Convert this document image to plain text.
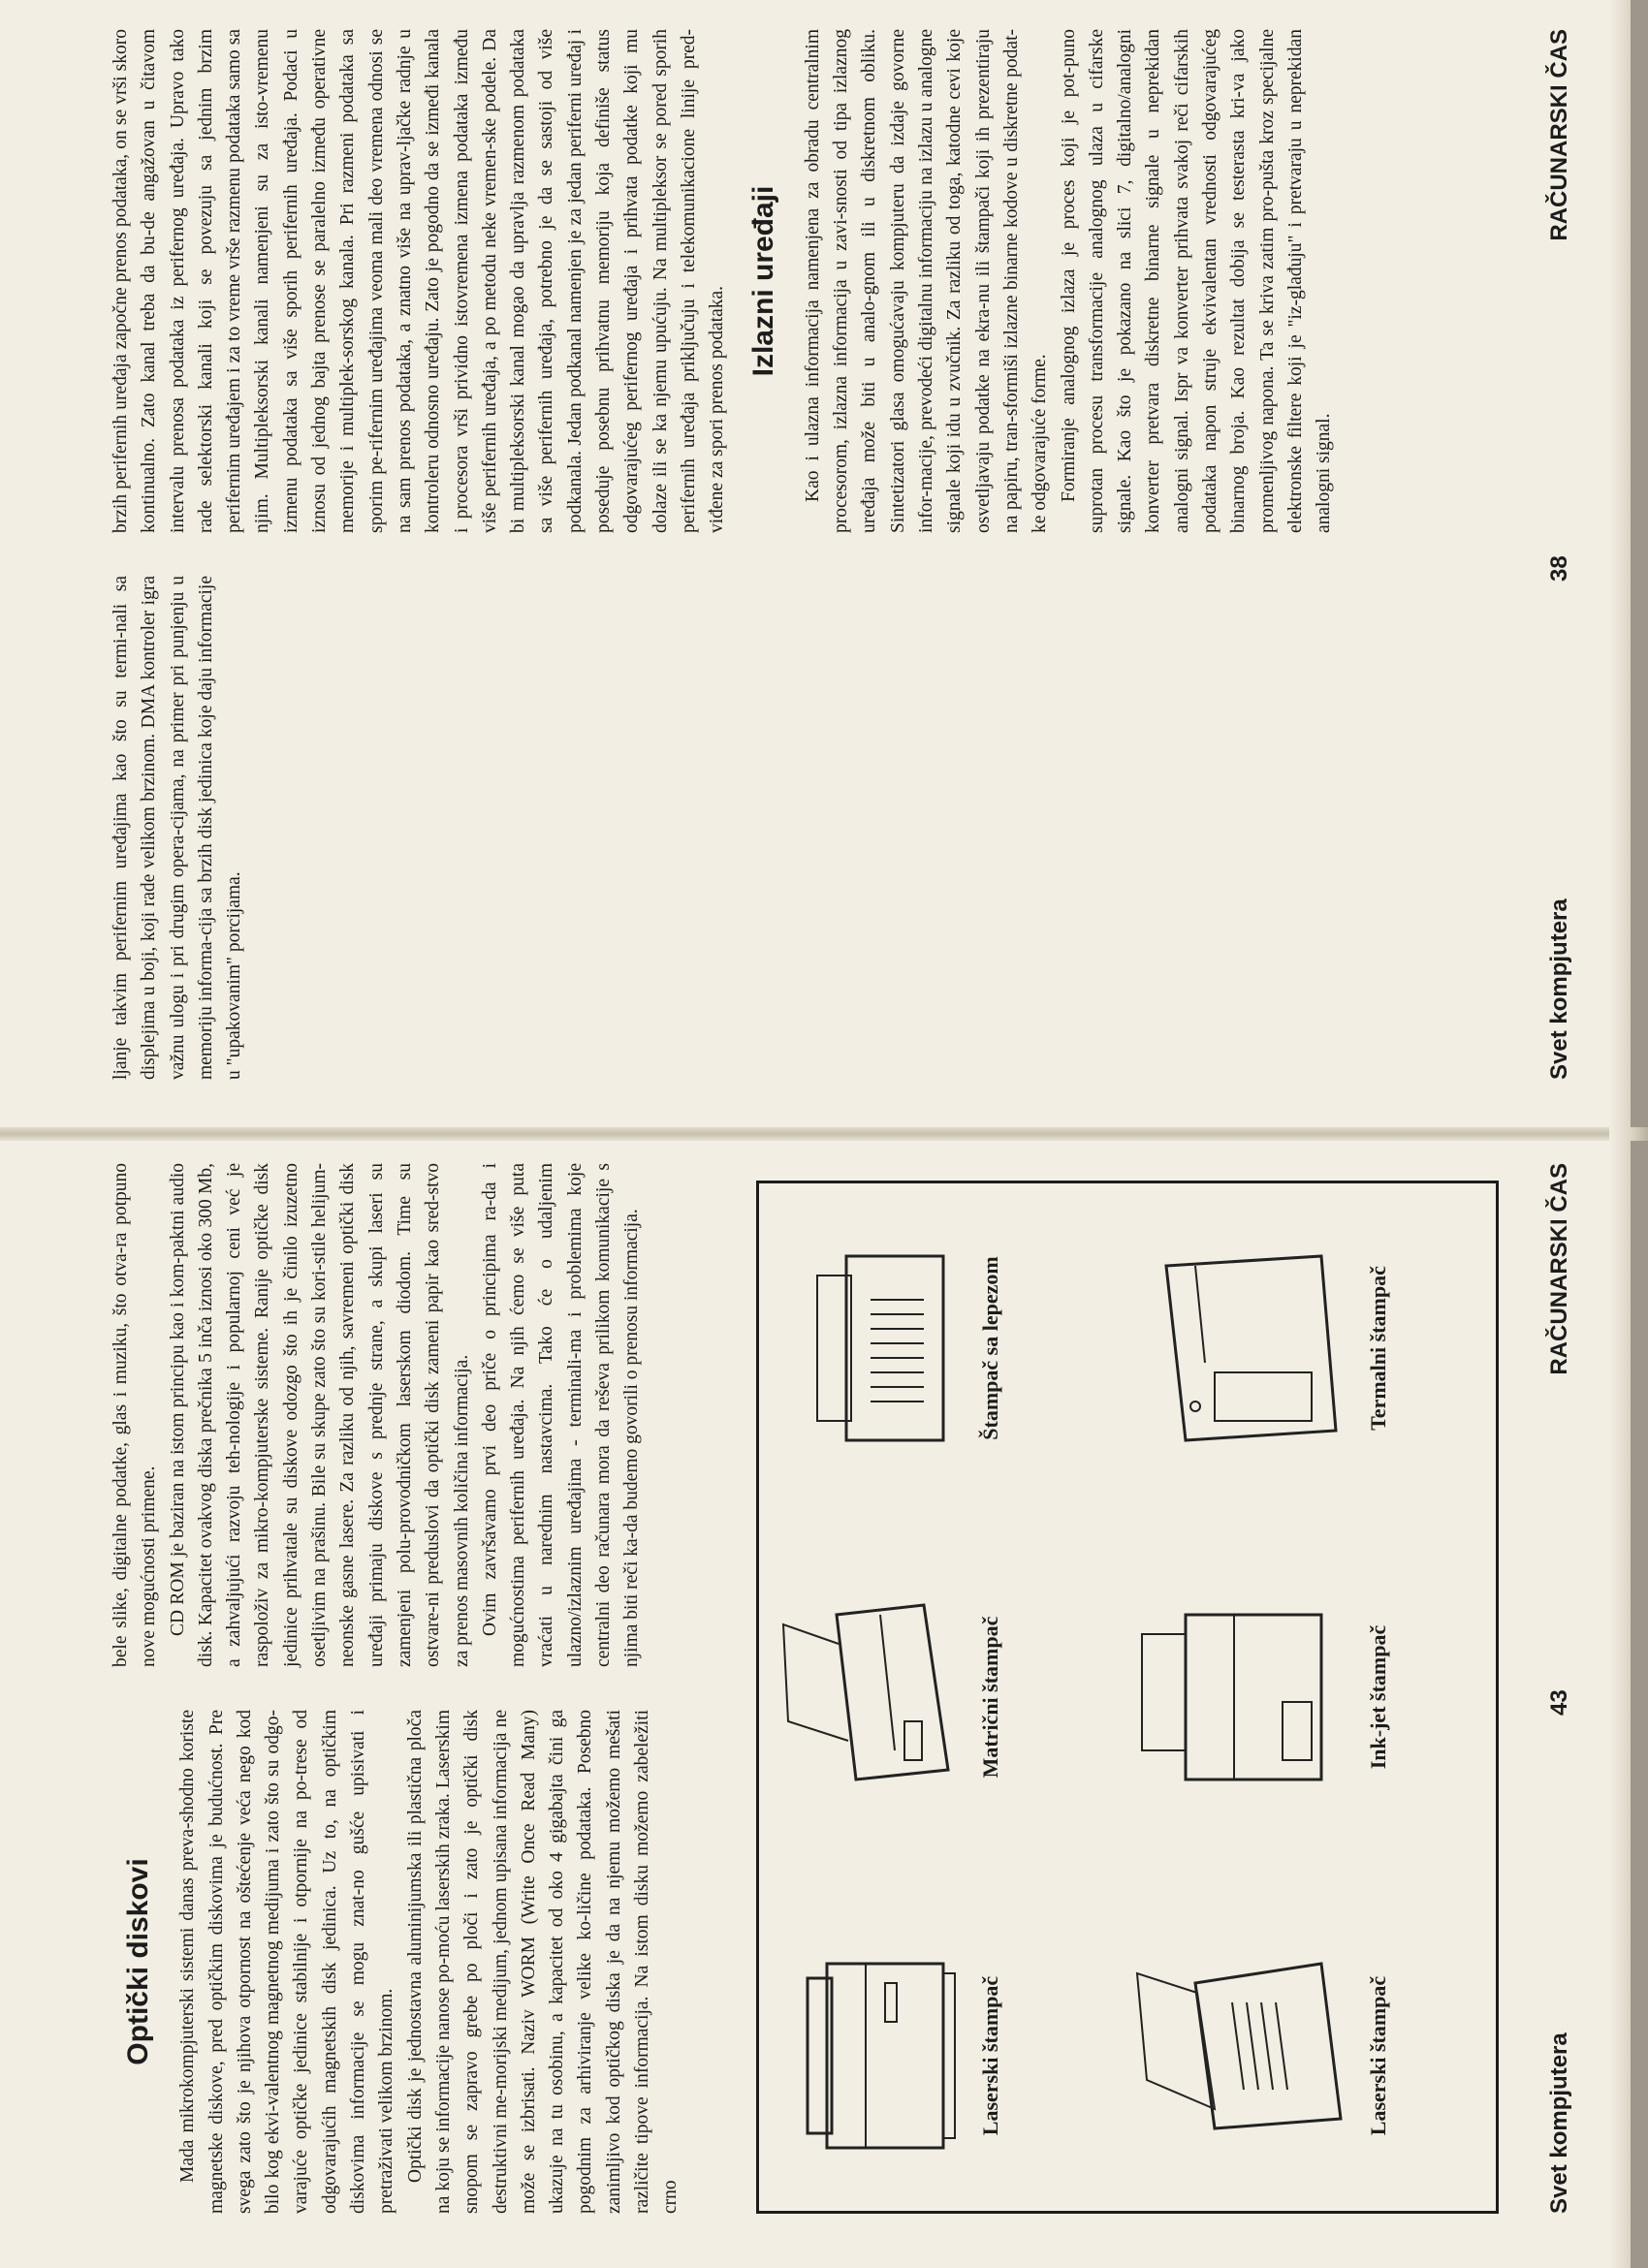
ljanje takvim perifernim uređajima kao što su termi-nali sa displejima u boji, koji rade velikom brzinom. DMA kontroler igra važnu ulogu i pri drugim opera-cijama, na primer pri punjenju u memoriju informa-cija sa brzih disk jedinica koje daju informacije u "upakovanim" porcijama.

brzih perifernih uređaja započne prenos podataka, on se vrši skoro kontinualno. Zato kanal treba da bu-de angažovan u čitavom intervalu prenosa podataka iz perifernog uređaja. Upravo tako rade selektorski kanali koji se povezuju sa jednim brzim perifernim uređajem i za to vreme vrše razmenu podataka samo sa njim. Multipleksorski kanali namenjeni su za isto-vremenu izmenu podataka sa više sporih perifernih uređaja. Podaci u iznosu od jednog bajta prenose se paralelno između operativne memorije i multiplek-sorskog kanala. Pri razmeni podataka sa sporim pe-rifernim uređajima veoma mali deo vremena odnosi se na sam prenos podataka, a znatno više na uprav-ljačke radnje u kontroleru odnosno uređaju. Zato je pogodno da se izmeđi kanala i procesora vrši prividno istovremena izmena podataka između više perifernih uređaja, a po metodu neke vremen-ske podele. Da bi multipleksorski kanal mogao da upravlja razmenom podataka sa više perifernih uređaja, potrebno je da se sastoji od više podkanala. Jedan podkanal namenjen je za jedan periferni uređaj i poseduje posebnu prihvatnu memoriju koja definiše status odgovarajućeg perifernog uređaja i prihvata podatke koji mu dolaze ili se ka njemu upućuju. Na multipleksor se pored sporih perifernih uređaja priključuju i telekomunikacione linije pred-viđene za spori prenos podataka.

Izlazni uređaji Kao i ulazna informacija namenjena za obradu centralnim procesorom, izlazna informacija u zavi-snosti od tipa izlaznog uređaja može biti u analo-gnom ili u diskretnom obliku. Sintetizatori glasa omogućavaju kompjuteru da izdaje govorne infor-macije, prevodeći digitalnu informaciju na izlazu u analogne signale koji idu u zvučnik. Za razliku od toga, katodne cevi koje osvetljavaju podatke na ekra-nu ili štampači koji ih prezentiraju na papiru, tran-sformiši izlazne binarne kodove u diskretne podat-ke odgovarajuće forme. Formiranje analognog izlaza je proces koji je pot-puno suprotan procesu transformacije analognog ulaza u cifarske signale. Kao što je pokazano na slici 7, digitalno/analogni konverter pretvara diskretne binarne signale u neprekidan analogni signal. Ispr va konverter prihvata svakoj reči cifarskih podataka napon struje ekvivalentan vrednosti odgovarajućeg binarnog broja. Kao rezultat dobija se testerasta kri-va jako promenljivog napona. Ta se kriva zatim pro-pušta kroz specijalne elektronske filtere koji je "iz-glađuju" i pretvaraju u neprekidan analogni signal.

Svet kompjutera
38
RAČUNARSKI ČAS
Optički diskovi Mada mikrokompjuterski sistemi danas preva-shodno koriste magnetske diskove, pred optičkim diskovima je budućnost. Pre svega zato što je njihova otpornost na oštećenje veća nego kod bilo kog ekvi-valentnog magnetnog medijuma i zato što su odgo-varajuće optičke jedinice stabilnije i otpornije na po-trese od odgovarajućih magnetskih disk jedinica. Uz to, na optičkim diskovima informacije se mogu znat-no gušće upisivati i pretraživati velikom brzinom. Optički disk je jednostavna aluminijumska ili plastična ploča na koju se informacije nanose po-moću laserskih zraka. Laserskim snopom se zapravo grebe po ploči i zato je optički disk destruktivni me-morijski medijum, jednom upisana informacija ne može se izbrisati. Naziv WORM (Write Once Read Many) ukazuje na tu osobinu, a kapacitet od oko 4 gigabajta čini ga pogodnim za arhiviranje velike ko-ličine podataka. Posebno zanimljivo kod optičkog diska je da na njemu možemo mešati različite tipove informacija. Na istom disku možemo zabeležiti crno

bele slike, digitalne podatke, glas i muziku, što otva-ra potpuno nove mogućnosti primene. CD ROM je baziran na istom principu kao i kom-paktni audio disk. Kapacitet ovakvog diska prečnika 5 inča iznosi oko 300 Mb, a zahvaljujući razvoju teh-nologije i popularnoj ceni već je raspoloživ za mikro-kompjuterske sisteme. Ranije optičke disk jedinice prihvatale su diskove odozgo što ih je činilo izuzetno osetljivim na prašinu. Bile su skupe zato što su kori-stile helijum-neonske gasne lasere. Za razliku od njih, savremeni optički disk uređaji primaju diskove s prednje strane, a skupi laseri su zamenjeni polu-provodničkom laserskom diodom. Time su ostvare-ni preduslovi da optički disk zameni papir kao sred-stvo za prenos masovnih količina informacija. Ovim završavamo prvi deo priče o principima ra-da i mogućnostima perifernih uređaja. Na njih ćemo se više puta vraćati u narednim nastavcima. Tako će o udaljenim ulazno/izlaznim uređajima - terminali-ma i problemima koje centralni deo računara mora da reševa prilikom komunikacije s njima biti reči ka-da budemo govorili o prenosu informacija.

Laserski štampač
Matrični štampač
Štampač sa lepezom
Laserski štampač
Ink-jet štampač
Termalni štampač
Svet kompjutera
43
RAČUNARSKI ČAS
